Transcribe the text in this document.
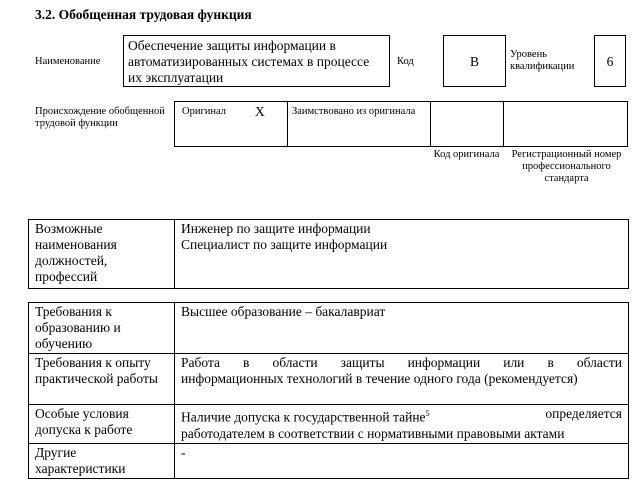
3.2. Обобщенная трудовая функция
Наименование
Обеспечение защиты информации в автоматизированных системах в процессе их эксплуатации
Код	B	Уровень квалификации	6
Происхождение обобщенной трудовой функции
Оригинал X	Заимствовано из оригинала
Код оригинала	Регистрационный номер профессионального стандарта
Возможные наименования должностей, профессий	
Инженер по защите информации
Специалист по защите информации
Требования к образованию и обучению	Высшее образование – бакалавриат
Требования к опыту практической работы	Работа в области защиты информации или в области
информационных технологий в течение одного года (рекомендуется)

Особые условия допуска к работе	Наличие допуска к государственной тайне$^5$ определяется
работодателем в соответствии с нормативными правовыми актами

Другие характеристики	-
